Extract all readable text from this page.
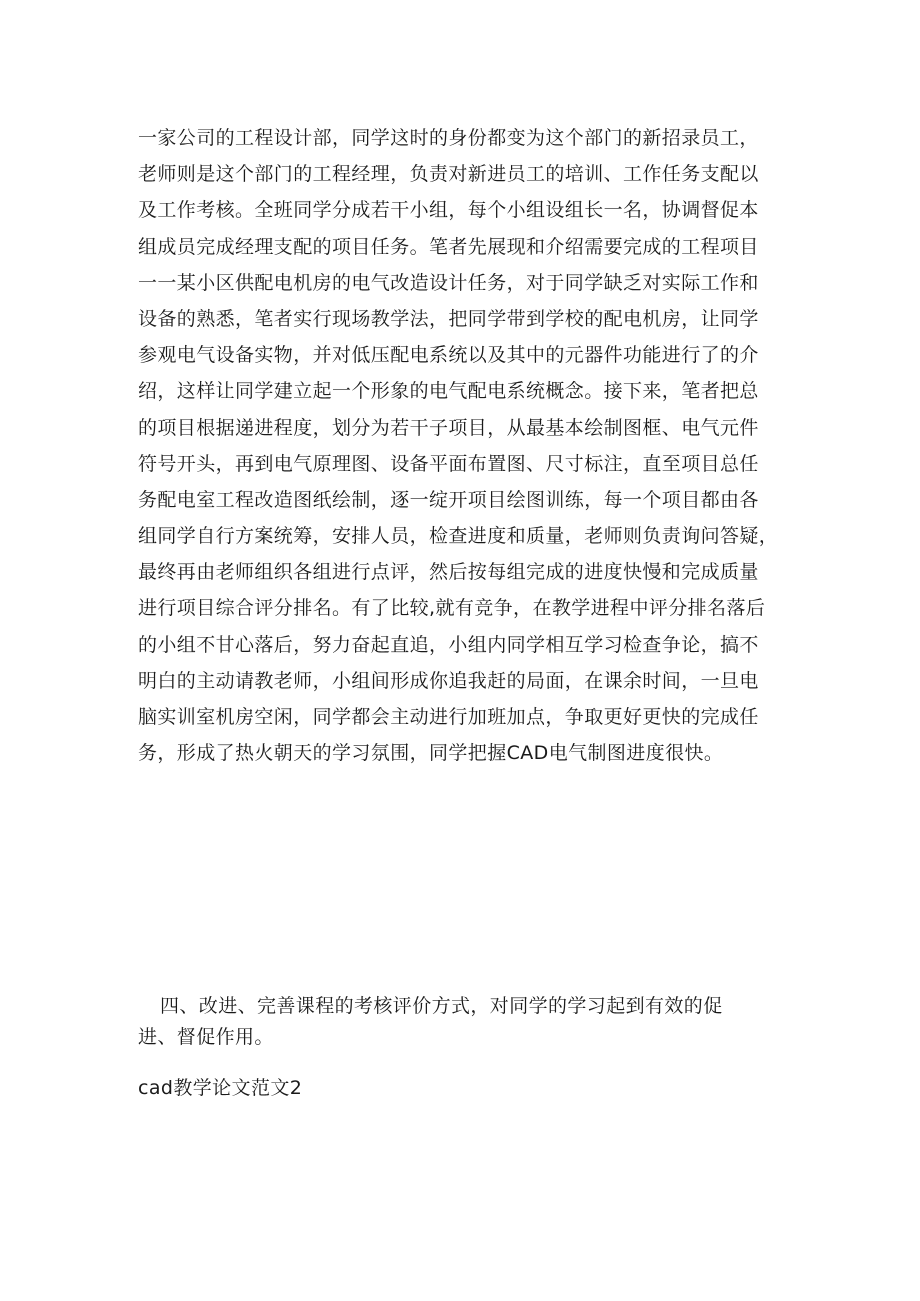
一家公司的工程设计部，同学这时的身份都变为这个部门的新招录员工，
老师则是这个部门的工程经理，负责对新进员工的培训、工作任务支配以
及工作考核。全班同学分成若干小组，每个小组设组长一名，协调督促本
组成员完成经理支配的项目任务。笔者先展现和介绍需要完成的工程项目
一一某小区供配电机房的电气改造设计任务，对于同学缺乏对实际工作和
设备的熟悉，笔者实行现场教学法，把同学带到学校的配电机房，让同学
参观电气设备实物，并对低压配电系统以及其中的元器件功能进行了的介
绍，这样让同学建立起一个形象的电气配电系统概念。接下来，笔者把总
的项目根据递进程度，划分为若干子项目，从最基本绘制图框、电气元件
符号开头，再到电气原理图、设备平面布置图、尺寸标注，直至项目总任
务配电室工程改造图纸绘制，逐一绽开项目绘图训练，每一个项目都由各
组同学自行方案统筹，安排人员，检查进度和质量，老师则负责询问答疑，
最终再由老师组织各组进行点评，然后按每组完成的进度快慢和完成质量
进行项目综合评分排名。有了比较,就有竞争，在教学进程中评分排名落后
的小组不甘心落后，努力奋起直追，小组内同学相互学习检查争论，搞不
明白的主动请教老师，小组间形成你追我赶的局面，在课余时间，一旦电
脑实训室机房空闲，同学都会主动进行加班加点，争取更好更快的完成任
务，形成了热火朝天的学习氛围，同学把握CAD电气制图进度很快。
四、改进、完善课程的考核评价方式，对同学的学习起到有效的促
进、督促作用。
cad教学论文范文2
